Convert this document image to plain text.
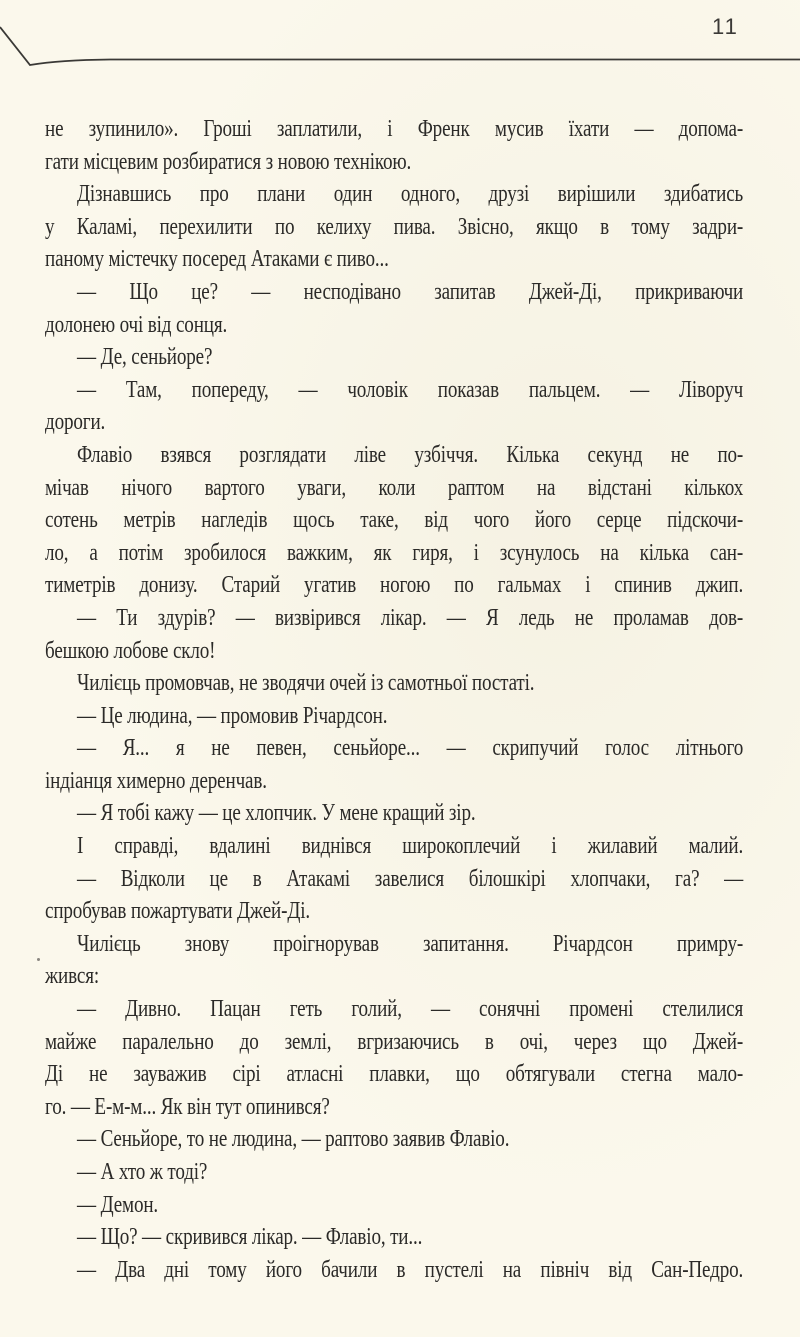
11
не зупинило». Гроші заплатили, і Френк мусив їхати — допома-
гати місцевим розбиратися з новою технікою.
Дізнавшись про плани один одного, друзі вирішили здибатись
у Каламі, перехилити по келиху пива. Звісно, якщо в тому задри-
паному містечку посеред Атаками є пиво...
— Що це? — несподівано запитав Джей-Ді, прикриваючи
долонею очі від сонця.
— Де, сеньйоре?
— Там, попереду, — чоловік показав пальцем. — Ліворуч
дороги.
Флавіо взявся розглядати ліве узбіччя. Кілька секунд не по-
мічав нічого вартого уваги, коли раптом на відстані кількох
сотень метрів нагледів щось таке, від чого його серце підскочи-
ло, а потім зробилося важким, як гиря, і зсунулось на кілька сан-
тиметрів донизу. Старий угатив ногою по гальмах і спинив джип.
— Ти здурів? — визвірився лікар. — Я ледь не проламав дов-
бешкою лобове скло!
Чилієць промовчав, не зводячи очей із самотньої постаті.
— Це людина, — промовив Річардсон.
— Я... я не певен, сеньйоре... — скрипучий голос літнього
індіанця химерно деренчав.
— Я тобі кажу — це хлопчик. У мене кращий зір.
І справді, вдалині виднівся широкоплечий і жилавий малий.
— Відколи це в Атакамі завелися білошкірі хлопчаки, га? —
спробував пожартувати Джей-Ді.
Чилієць знову проігнорував запитання. Річардсон примру-
жився:
— Дивно. Пацан геть голий, — сонячні промені стелилися
майже паралельно до землі, вгризаючись в очі, через що Джей-
Ді не зауважив сірі атласні плавки, що обтягували стегна мало-
го. — Е-м-м... Як він тут опинився?
— Сеньйоре, то не людина, — раптово заявив Флавіо.
— А хто ж тоді?
— Демон.
— Що? — скривився лікар. — Флавіо, ти...
— Два дні тому його бачили в пустелі на північ від Сан-Педро.
